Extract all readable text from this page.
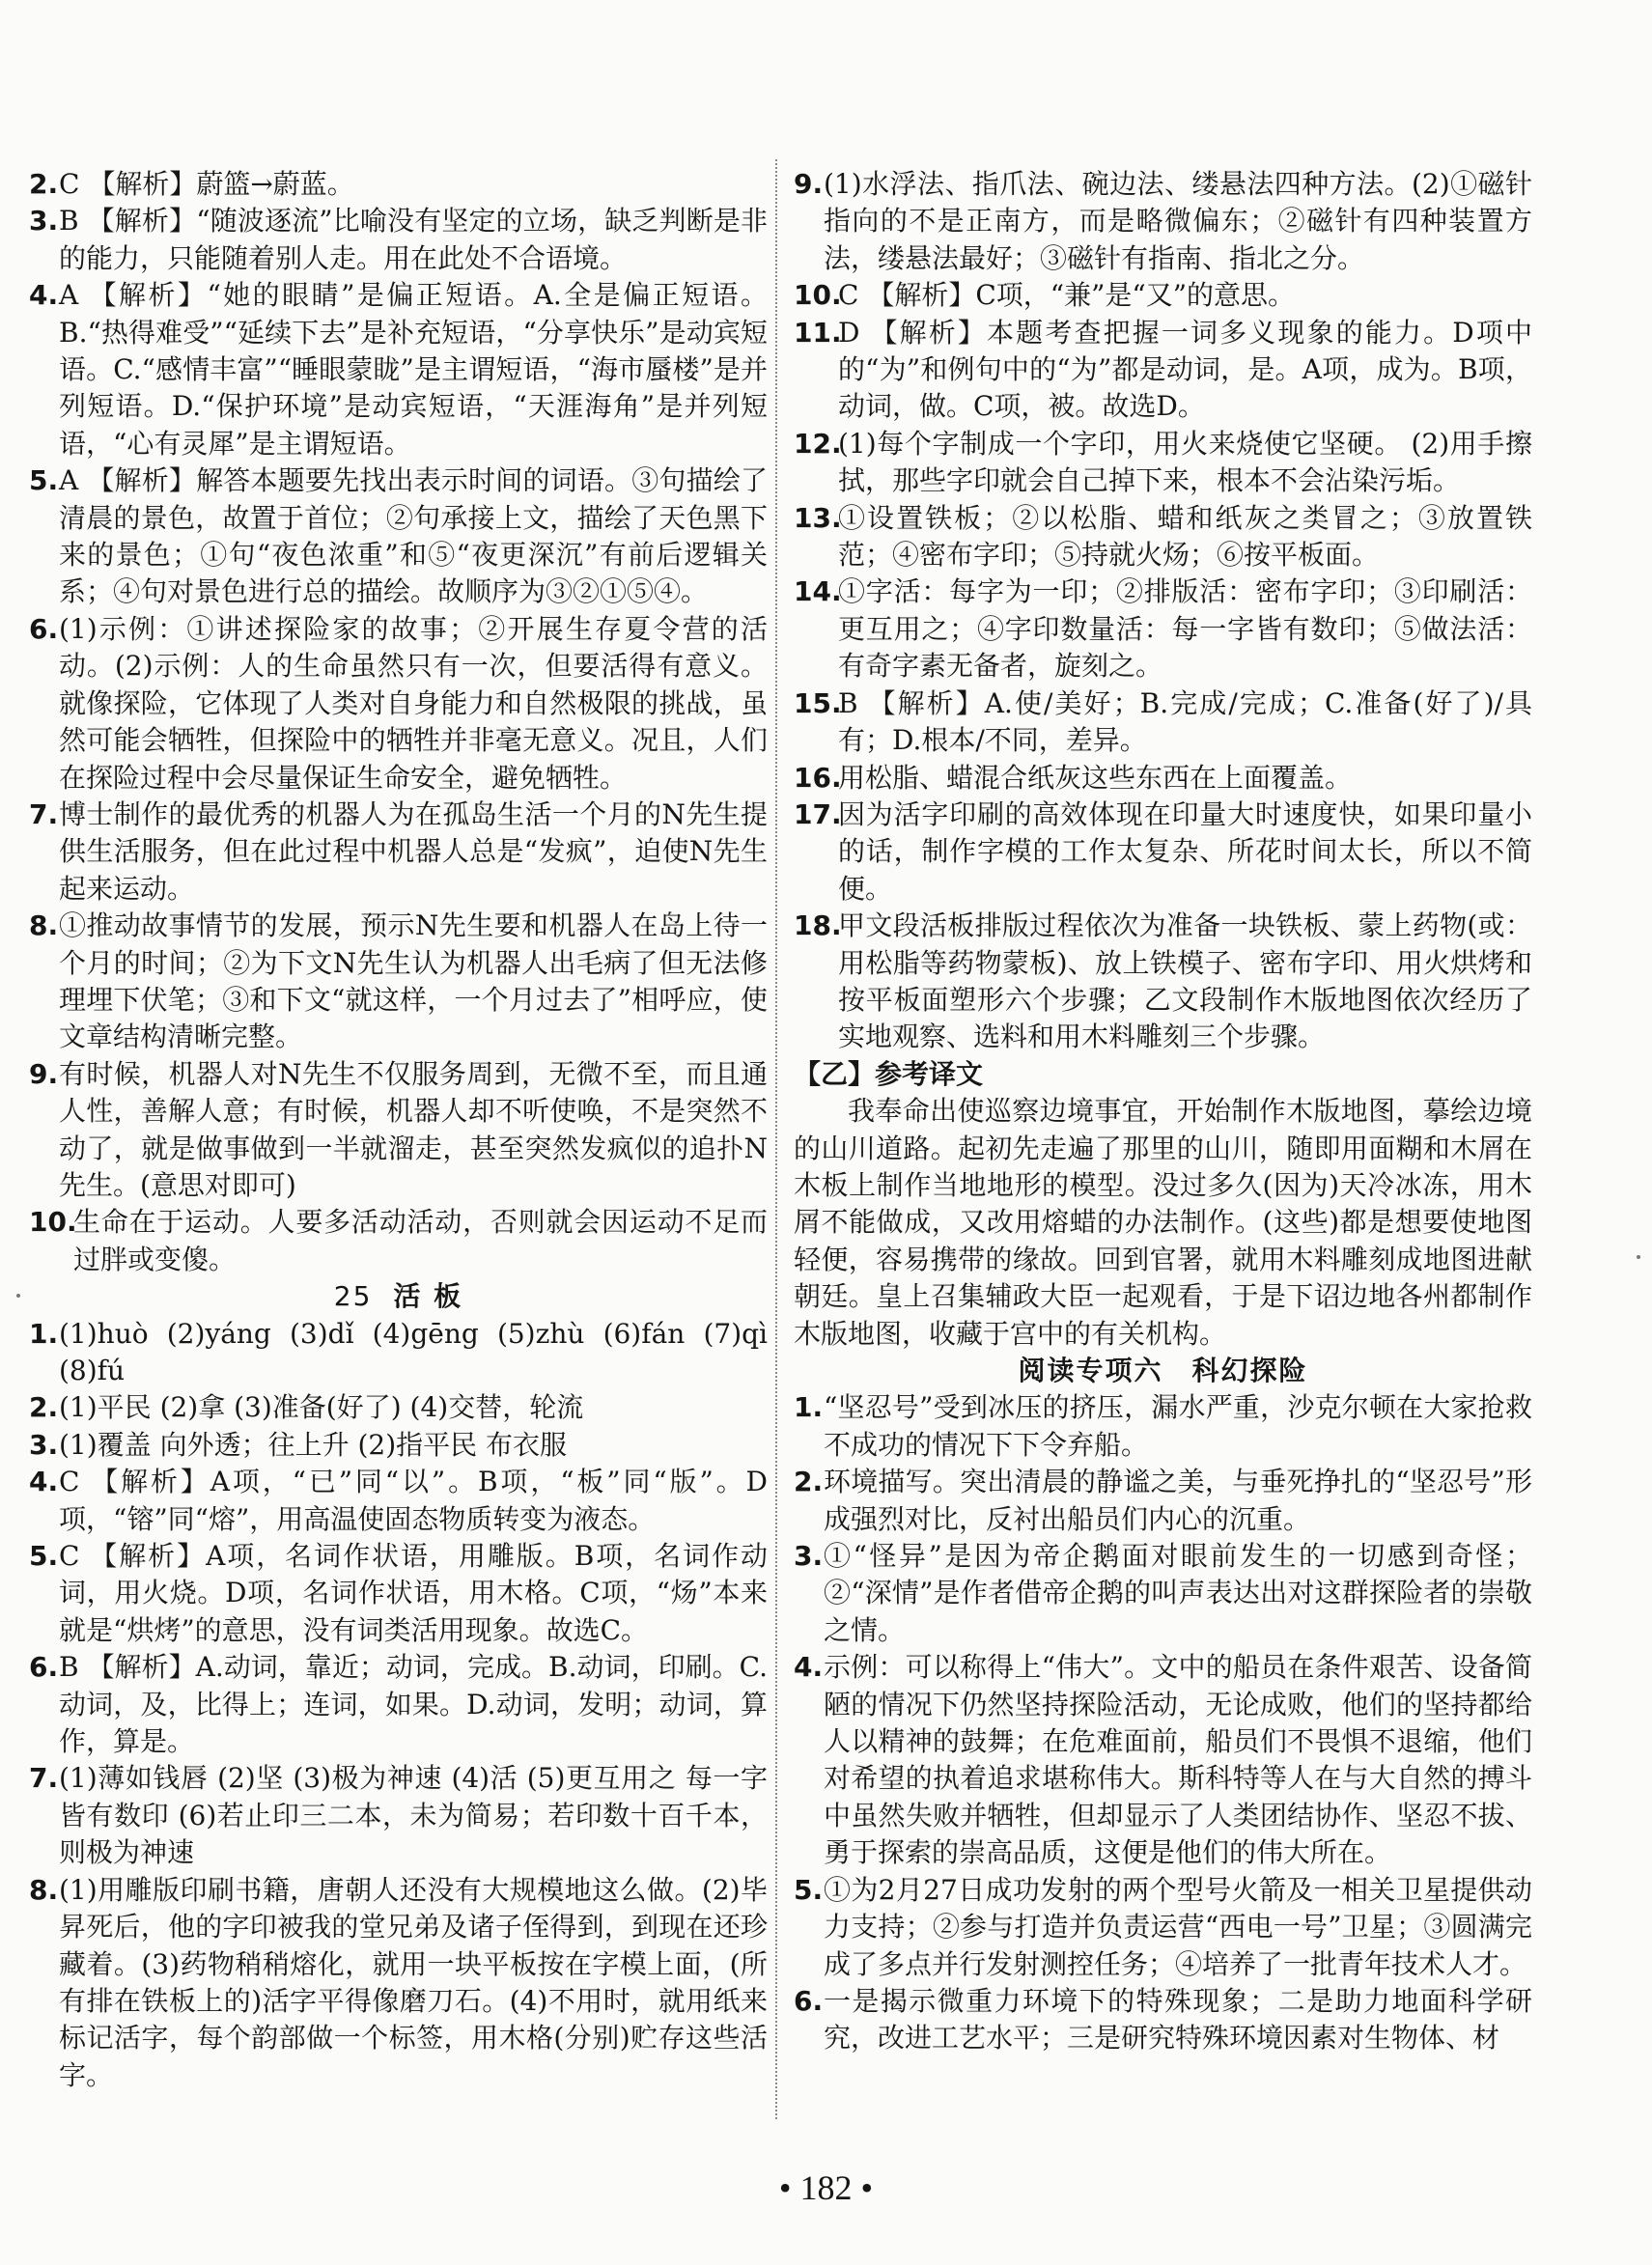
2. C 【解析】蔚篮→蔚蓝。
3. B 【解析】“随波逐流”比喻没有坚定的立场，缺乏判断是非的能力，只能随着别人走。用在此处不合语境。
4. A 【解析】“她的眼睛”是偏正短语。A.全是偏正短语。B.“热得难受”“延续下去”是补充短语，“分享快乐”是动宾短语。C.“感情丰富”“睡眼蒙眬”是主谓短语，“海市蜃楼”是并列短语。D.“保护环境”是动宾短语，“天涯海角”是并列短语，“心有灵犀”是主谓短语。
5. A 【解析】解答本题要先找出表示时间的词语。③句描绘了清晨的景色，故置于首位；②句承接上文，描绘了天色黑下来的景色；①句“夜色浓重”和⑤“夜更深沉”有前后逻辑关系；④句对景色进行总的描绘。故顺序为③②①⑤④。
6. (1)示例：①讲述探险家的故事；②开展生存夏令营的活动。(2)示例：人的生命虽然只有一次，但要活得有意义。就像探险，它体现了人类对自身能力和自然极限的挑战，虽然可能会牺牲，但探险中的牺牲并非毫无意义。况且，人们在探险过程中会尽量保证生命安全，避免牺牲。
7. 博士制作的最优秀的机器人为在孤岛生活一个月的N先生提供生活服务，但在此过程中机器人总是“发疯”，迫使N先生起来运动。
8. ①推动故事情节的发展，预示N先生要和机器人在岛上待一个月的时间；②为下文N先生认为机器人出毛病了但无法修理埋下伏笔；③和下文“就这样，一个月过去了”相呼应，使文章结构清晰完整。
9. 有时候，机器人对N先生不仅服务周到，无微不至，而且通人性，善解人意；有时候，机器人却不听使唤，不是突然不动了，就是做事做到一半就溜走，甚至突然发疯似的追扑N先生。(意思对即可)
10.
生命在于运动。人要多活动活动，否则就会因运动不足而过胖或变傻。
25 活 板
1. (1)huò (2)yáng (3)dǐ (4)gēng (5)zhù (6)fán (7)qì (8)fú
2. (1)平民 (2)拿 (3)准备(好了) (4)交替，轮流
3. (1)覆盖 向外透；往上升 (2)指平民 布衣服
4. C 【解析】A项，“已”同“以”。B项，“板”同“版”。D项，“镕”同“熔”，用高温使固态物质转变为液态。
5. C 【解析】A项，名词作状语，用雕版。B项，名词作动词，用火烧。D项，名词作状语，用木格。C项，“炀”本来就是“烘烤”的意思，没有词类活用现象。故选C。
6. B 【解析】A.动词，靠近；动词，完成。B.动词，印刷。C.动词，及，比得上；连词，如果。D.动词，发明；动词，算作，算是。
7. (1)薄如钱唇 (2)坚 (3)极为神速 (4)活 (5)更互用之 每一字皆有数印 (6)若止印三二本，未为简易；若印数十百千本，则极为神速
8. (1)用雕版印刷书籍，唐朝人还没有大规模地这么做。(2)毕昇死后，他的字印被我的堂兄弟及诸子侄得到，到现在还珍藏着。(3)药物稍稍熔化，就用一块平板按在字模上面，(所有排在铁板上的)活字平得像磨刀石。(4)不用时，就用纸来标记活字，每个韵部做一个标签，用木格(分别)贮存这些活字。
9. (1)水浮法、指爪法、碗边法、缕悬法四种方法。(2)①磁针指向的不是正南方，而是略微偏东；②磁针有四种装置方法，缕悬法最好；③磁针有指南、指北之分。
10.
C 【解析】C项，“兼”是“又”的意思。
11.
D 【解析】本题考查把握一词多义现象的能力。D项中的“为”和例句中的“为”都是动词，是。A项，成为。B项，动词，做。C项，被。故选D。
12.
(1)每个字制成一个字印，用火来烧使它坚硬。 (2)用手擦拭，那些字印就会自己掉下来，根本不会沾染污垢。
13.
①设置铁板；②以松脂、蜡和纸灰之类冒之；③放置铁范；④密布字印；⑤持就火炀；⑥按平板面。
14.
①字活：每字为一印；②排版活：密布字印；③印刷活：更互用之；④字印数量活：每一字皆有数印；⑤做法活：有奇字素无备者，旋刻之。
15.
B 【解析】A.使/美好；B.完成/完成；C.准备(好了)/具有；D.根本/不同，差异。
16.
用松脂、蜡混合纸灰这些东西在上面覆盖。
17.
因为活字印刷的高效体现在印量大时速度快，如果印量小的话，制作字模的工作太复杂、所花时间太长，所以不简便。
18.
甲文段活板排版过程依次为准备一块铁板、蒙上药物(或：用松脂等药物蒙板)、放上铁模子、密布字印、用火烘烤和按平板面塑形六个步骤；乙文段制作木版地图依次经历了实地观察、选料和用木料雕刻三个步骤。
【乙】参考译文
我奉命出使巡察边境事宜，开始制作木版地图，摹绘边境的山川道路。起初先走遍了那里的山川，随即用面糊和木屑在木板上制作当地地形的模型。没过多久(因为)天冷冰冻，用木屑不能做成，又改用熔蜡的办法制作。(这些)都是想要使地图轻便，容易携带的缘故。回到官署，就用木料雕刻成地图进献朝廷。皇上召集辅政大臣一起观看，于是下诏边地各州都制作木版地图，收藏于宫中的有关机构。
阅读专项六　科幻探险
1. “坚忍号”受到冰压的挤压，漏水严重，沙克尔顿在大家抢救不成功的情况下下令弃船。
2. 环境描写。突出清晨的静谧之美，与垂死挣扎的“坚忍号”形成强烈对比，反衬出船员们内心的沉重。
3. ①“怪异”是因为帝企鹅面对眼前发生的一切感到奇怪；②“深情”是作者借帝企鹅的叫声表达出对这群探险者的崇敬之情。
4. 示例：可以称得上“伟大”。文中的船员在条件艰苦、设备简陋的情况下仍然坚持探险活动，无论成败，他们的坚持都给人以精神的鼓舞；在危难面前，船员们不畏惧不退缩，他们对希望的执着追求堪称伟大。斯科特等人在与大自然的搏斗中虽然失败并牺牲，但却显示了人类团结协作、坚忍不拔、勇于探索的崇高品质，这便是他们的伟大所在。
5. ①为2月27日成功发射的两个型号火箭及一相关卫星提供动力支持；②参与打造并负责运营“西电一号”卫星；③圆满完成了多点并行发射测控任务；④培养了一批青年技术人才。
6. 一是揭示微重力环境下的特殊现象；二是助力地面科学研究，改进工艺水平；三是研究特殊环境因素对生物体、材
• 182 •
